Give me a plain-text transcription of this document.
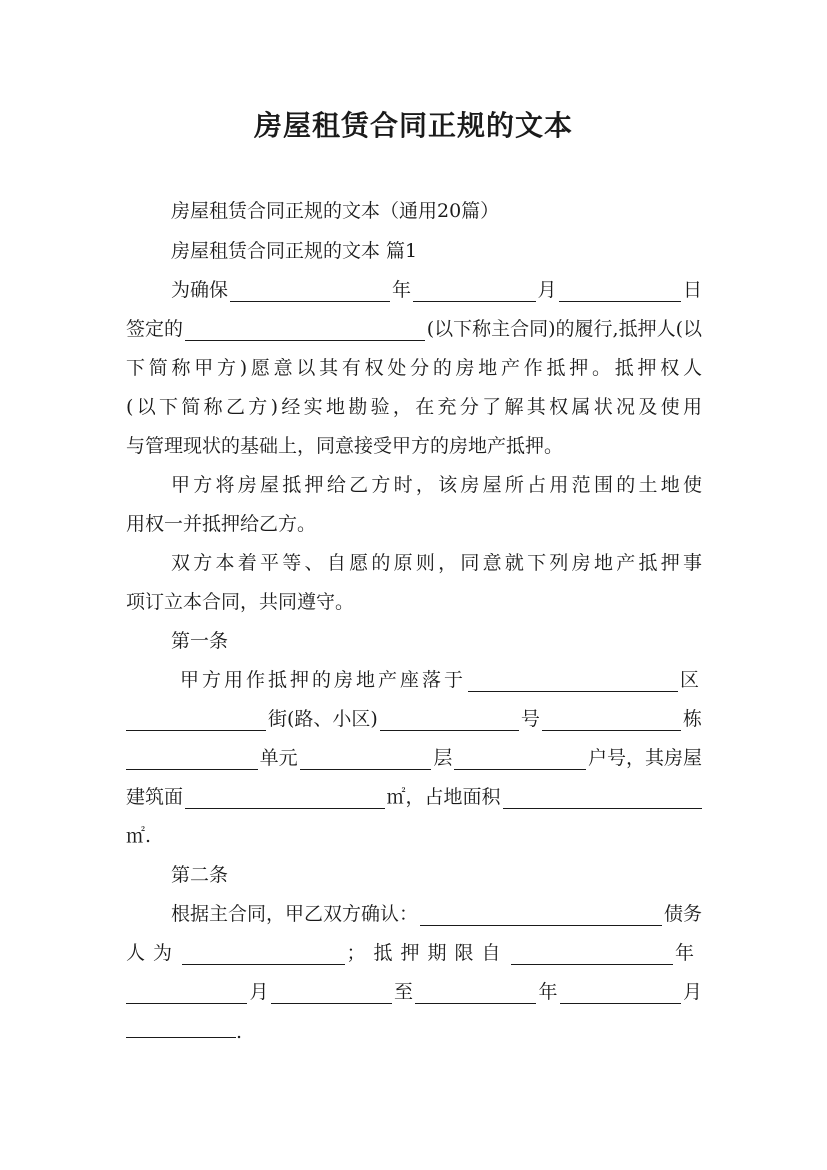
房屋租赁合同正规的文本
房屋租赁合同正规的文本（通用20篇）
房屋租赁合同正规的文本 篇1
为确保	年	月	日
签定的	(以下称主合同)的履行,抵押人(以
下简称甲方)愿意以其有权处分的房地产作抵押。抵押权人
(以下简称乙方)经实地勘验，在充分了解其权属状况及使用
与管理现状的基础上，同意接受甲方的房地产抵押。
甲方将房屋抵押给乙方时，该房屋所占用范围的土地使
用权一并抵押给乙方。
双方本着平等、自愿的原则，同意就下列房地产抵押事
项订立本合同，共同遵守。
第一条
甲方用作抵押的房地产座落于	区
街(路、小区)	号	栋
单元	层	户号，其房屋
建筑面	㎡，占地面积
㎡.
第二条
根据主合同，甲乙双方确认：	债务
人为	；抵押期限自	年
月	至	年	月
.
